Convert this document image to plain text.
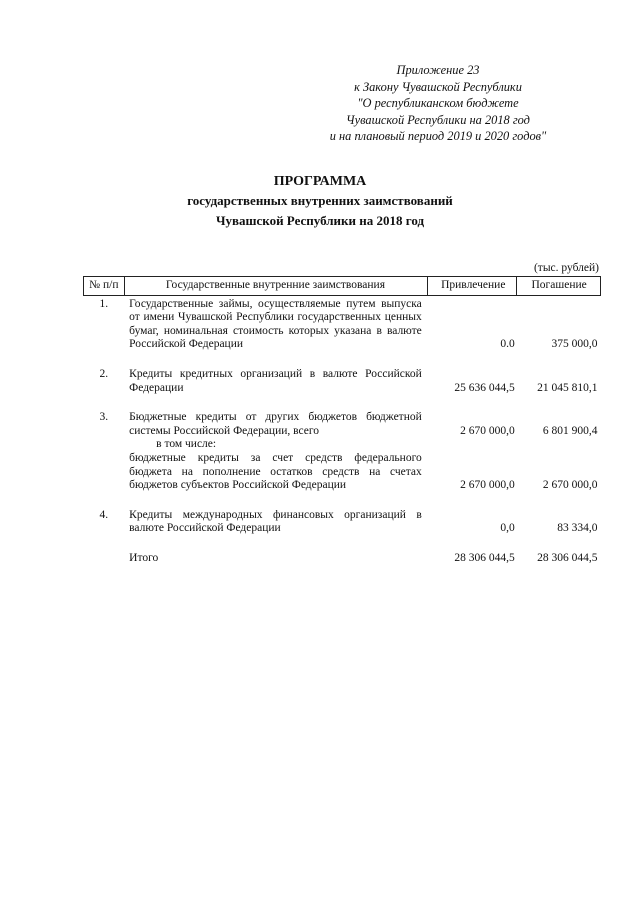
Приложение 23
к Закону Чувашской Республики
"О республиканском бюджете
Чувашской Республики на 2018 год
и на плановый период 2019 и 2020 годов"
ПРОГРАММА
государственных внутренних заимствований
Чувашской Республики на 2018 год
(тыс. рублей)
№ п/п	Государственные внутренние заимствования	Привлечение	Погашение
1.	Государственные займы, осуществляемые путем выпуска от имени Чувашской Республики государственных ценных бумаг, номинальная стоимость которых указана в валюте Российской Федерации	0.0	375 000,0

2.	Кредиты кредитных организаций в валюте Российской Федерации	25 636 044,5	21 045 810,1

3.	Бюджетные кредиты от других бюджетов бюджетной системы Российской Федерации, всего	2 670 000,0	6 801 900,4

	в том числе:		

	бюджетные кредиты за счет средств федерального бюджета на пополнение остатков средств на счетах бюджетов субъектов Российской Федерации	2 670 000,0	2 670 000,0

4.	Кредиты международных финансовых организаций в валюте Российской Федерации	0,0	83 334,0

	Итого	28 306 044,5	28 306 044,5
